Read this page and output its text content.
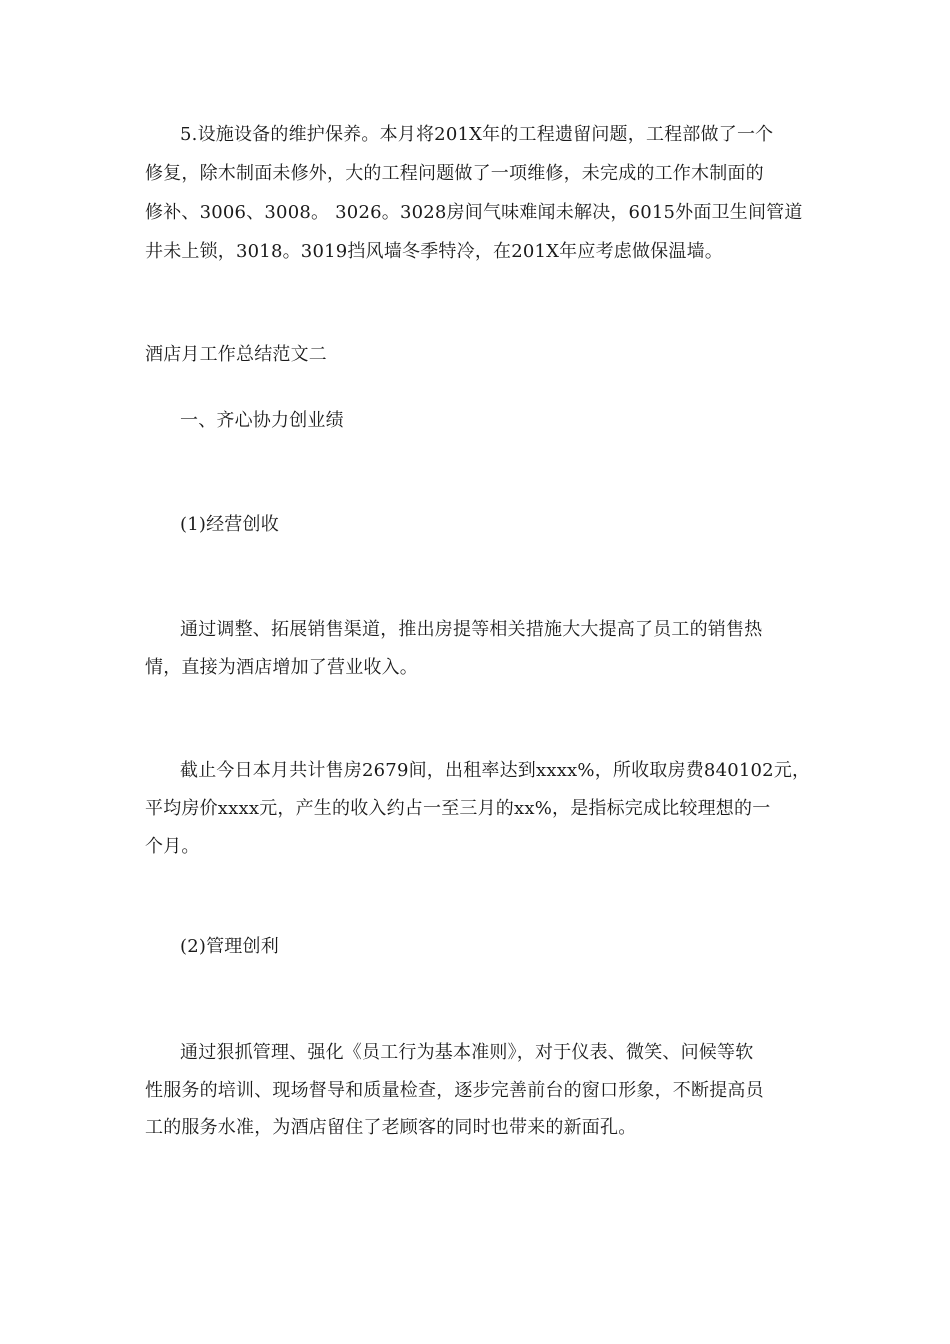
5.设施设备的维护保养。本月将201X年的工程遗留问题，工程部做了一个
修复，除木制面未修外，大的工程问题做了一项维修，未完成的工作木制面的
修补、3006、3008。 3026。3028房间气味难闻未解决，6015外面卫生间管道
井未上锁，3018。3019挡风墙冬季特冷，在201X年应考虑做保温墙。
酒店月工作总结范文二
一、齐心协力创业绩
(1)经营创收
通过调整、拓展销售渠道，推出房提等相关措施大大提高了员工的销售热
情，直接为酒店增加了营业收入。
截止今日本月共计售房2679间，出租率达到xxxx%，所收取房费840102元，
平均房价xxxx元，产生的收入约占一至三月的xx%，是指标完成比较理想的一
个月。
(2)管理创利
通过狠抓管理、强化《员工行为基本准则》，对于仪表、微笑、问候等软
性服务的培训、现场督导和质量检查，逐步完善前台的窗口形象，不断提高员
工的服务水准，为酒店留住了老顾客的同时也带来的新面孔。
